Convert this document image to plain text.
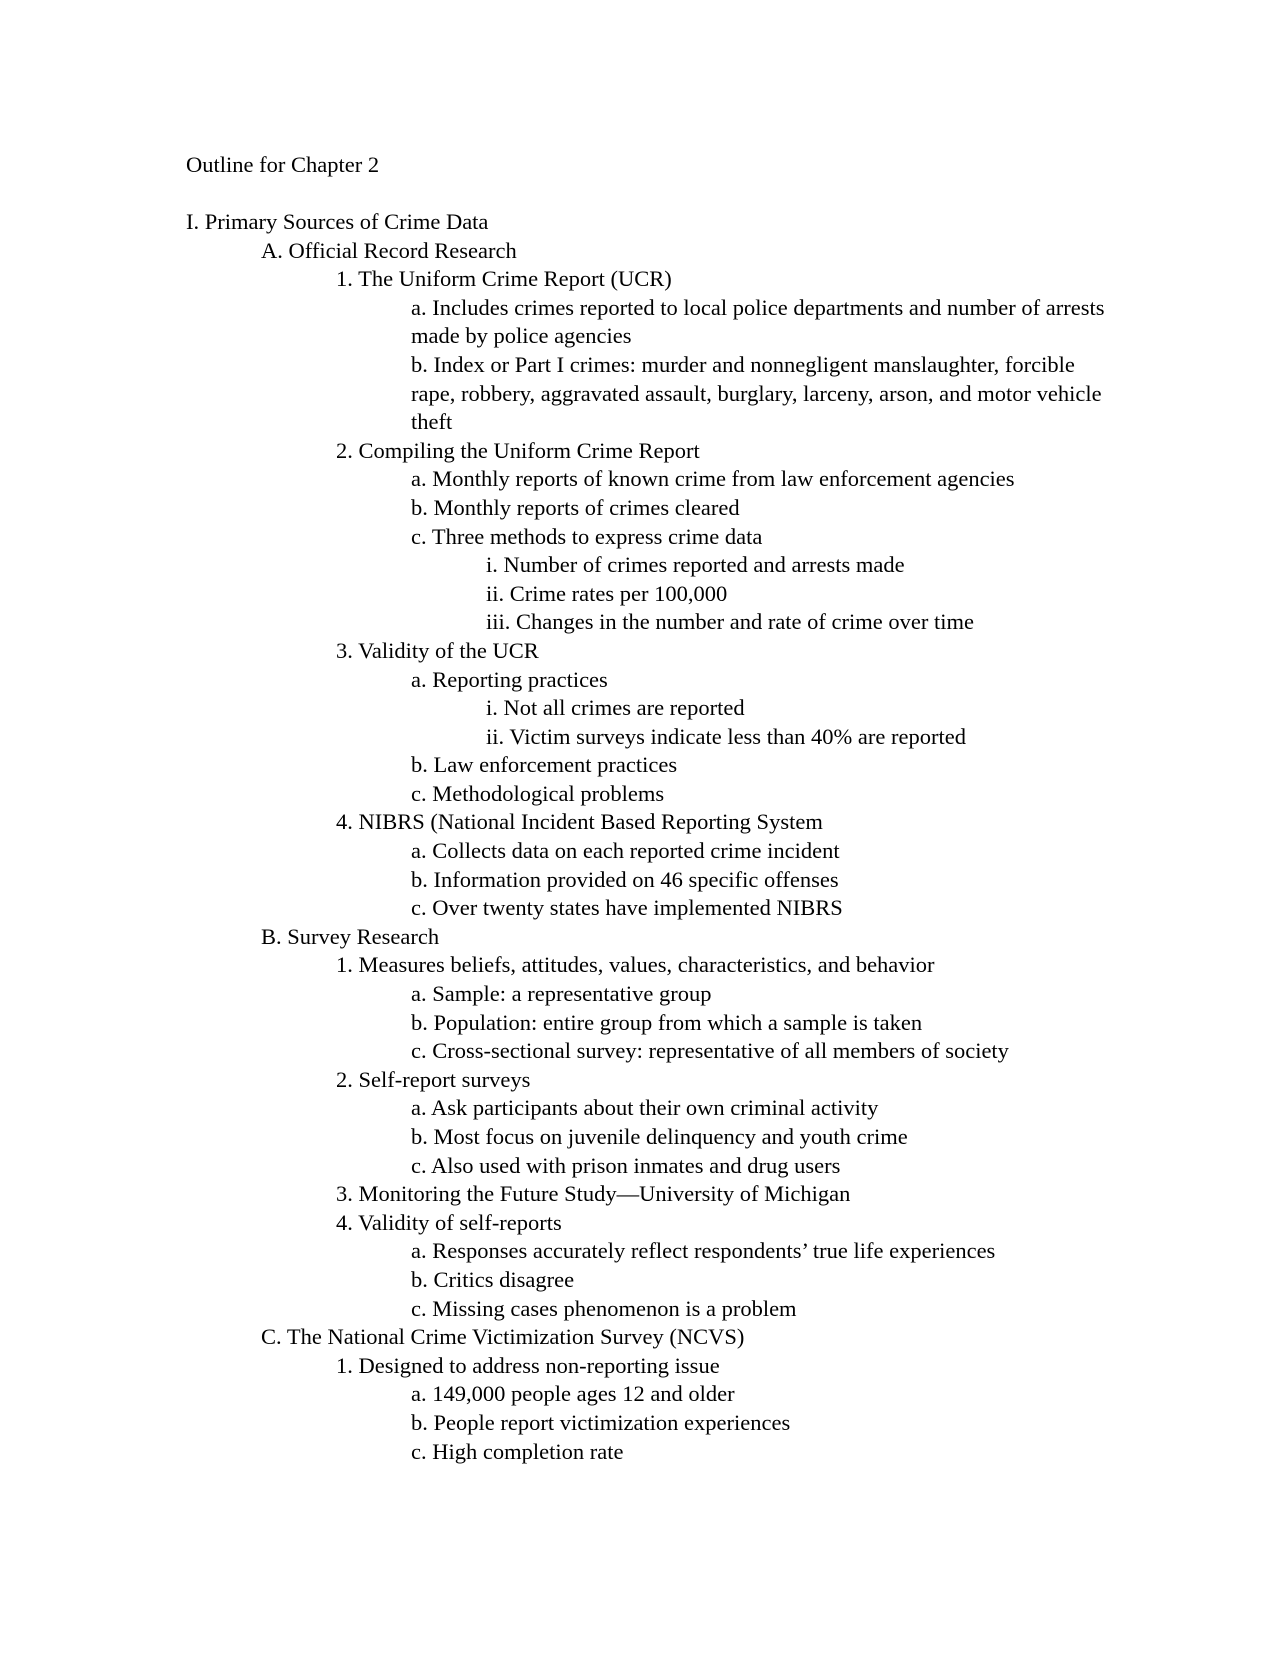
Outline for Chapter 2
I. Primary Sources of Crime Data
A. Official Record Research
1. The Uniform Crime Report (UCR)
a. Includes crimes reported to local police departments and number of arrests made by police agencies
b. Index or Part I crimes: murder and nonnegligent manslaughter, forcible rape, robbery, aggravated assault, burglary, larceny, arson, and motor vehicle theft
2. Compiling the Uniform Crime Report
a. Monthly reports of known crime from law enforcement agencies
b. Monthly reports of crimes cleared
c. Three methods to express crime data
i. Number of crimes reported and arrests made
ii. Crime rates per 100,000
iii. Changes in the number and rate of crime over time
3. Validity of the UCR
a. Reporting practices
i. Not all crimes are reported
ii. Victim surveys indicate less than 40% are reported
b. Law enforcement practices
c. Methodological problems
4. NIBRS (National Incident Based Reporting System
a. Collects data on each reported crime incident
b. Information provided on 46 specific offenses
c. Over twenty states have implemented NIBRS
B. Survey Research
1. Measures beliefs, attitudes, values, characteristics, and behavior
a. Sample: a representative group
b. Population: entire group from which a sample is taken
c. Cross-sectional survey: representative of all members of society
2. Self-report surveys
a. Ask participants about their own criminal activity
b. Most focus on juvenile delinquency and youth crime
c. Also used with prison inmates and drug users
3. Monitoring the Future Study—University of Michigan
4. Validity of self-reports
a. Responses accurately reflect respondents’ true life experiences
b. Critics disagree
c. Missing cases phenomenon is a problem
C. The National Crime Victimization Survey (NCVS)
1. Designed to address non-reporting issue
a. 149,000 people ages 12 and older
b. People report victimization experiences
c. High completion rate
